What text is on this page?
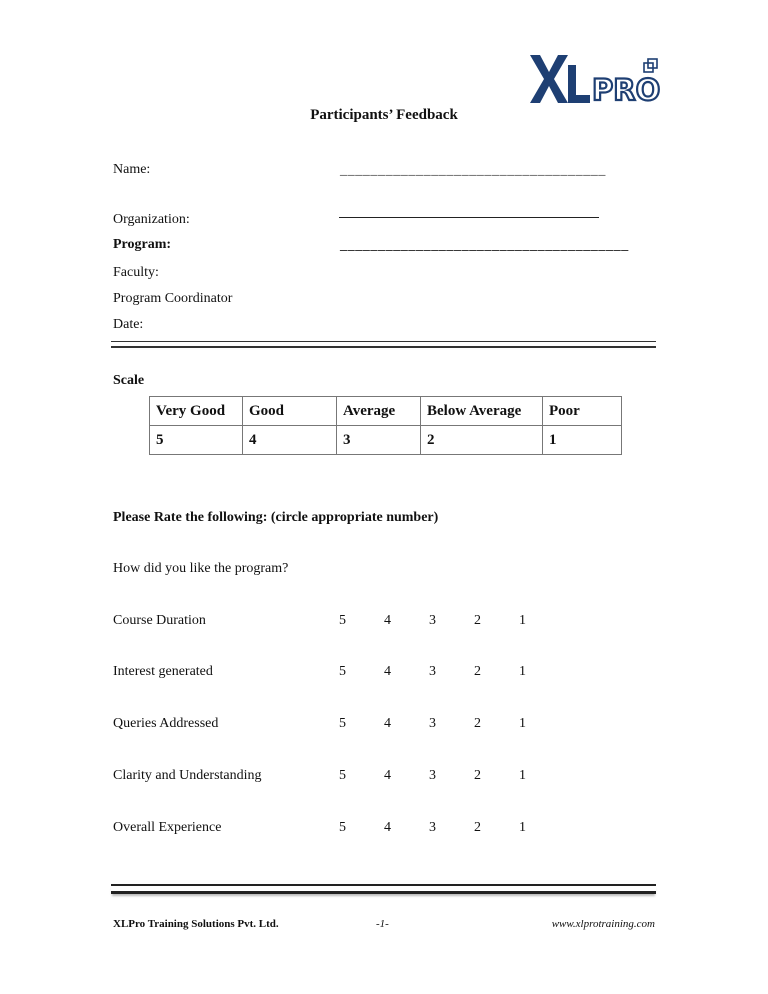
PRO
Participants’ Feedback
Name:	___________________________________
Organization:
Program:	______________________________________
Faculty:
Program Coordinator
Date:
Scale
Very Good	Good	Average	Below Average	Poor
5	4	3	2	1
Please Rate the following: (circle appropriate number)
How did you like the program?
Course Duration	5	4	3	2	1
Interest generated	5	4	3	2	1
Queries Addressed	5	4	3	2	1
Clarity and Understanding	5	4	3	2	1
Overall Experience	5	4	3	2	1
XLPro Training Solutions Pvt. Ltd.	-1-	www.xlprotraining.com
